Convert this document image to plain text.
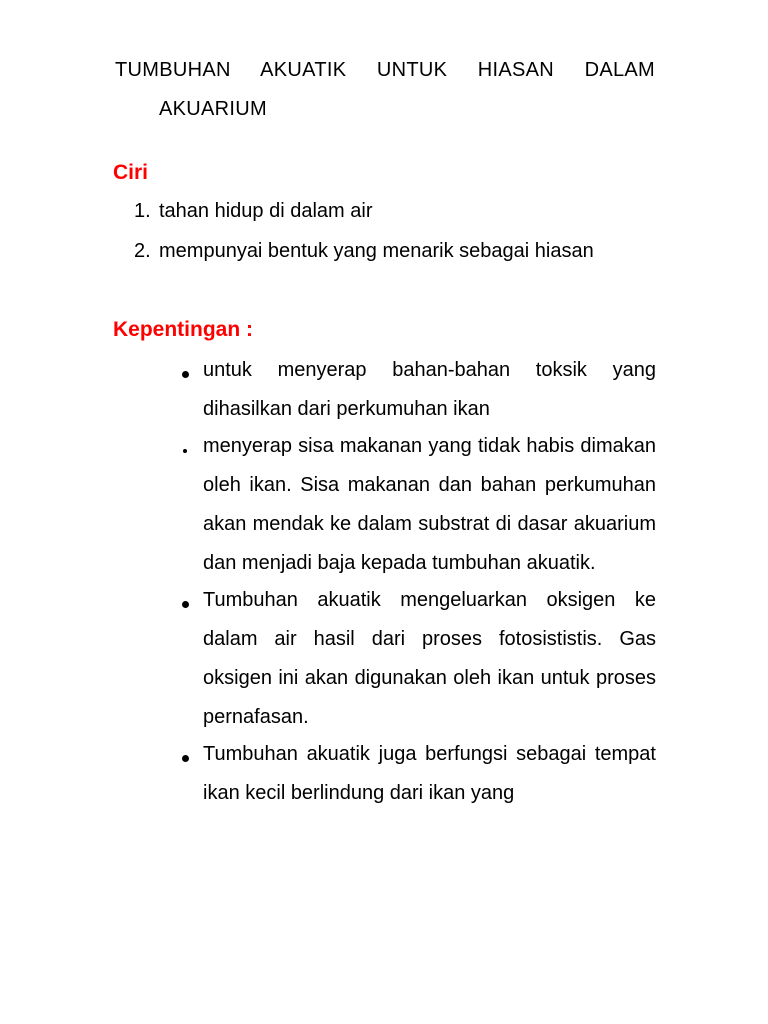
TUMBUHAN AKUATIK UNTUK HIASAN DALAM
AKUARIUM
Ciri
1. tahan hidup di dalam air
2. mempunyai bentuk yang menarik sebagai hiasan
Kepentingan :
untuk menyerap bahan-bahan toksik yang dihasilkan dari perkumuhan ikan
menyerap sisa makanan yang tidak habis dimakan oleh ikan. Sisa makanan dan bahan perkumuhan akan mendak ke dalam substrat di dasar akuarium dan menjadi baja kepada tumbuhan akuatik.
Tumbuhan akuatik mengeluarkan oksigen ke dalam air hasil dari proses fotosististis. Gas oksigen ini akan digunakan oleh ikan untuk proses pernafasan.
Tumbuhan akuatik juga berfungsi sebagai tempat ikan kecil berlindung dari ikan yang
